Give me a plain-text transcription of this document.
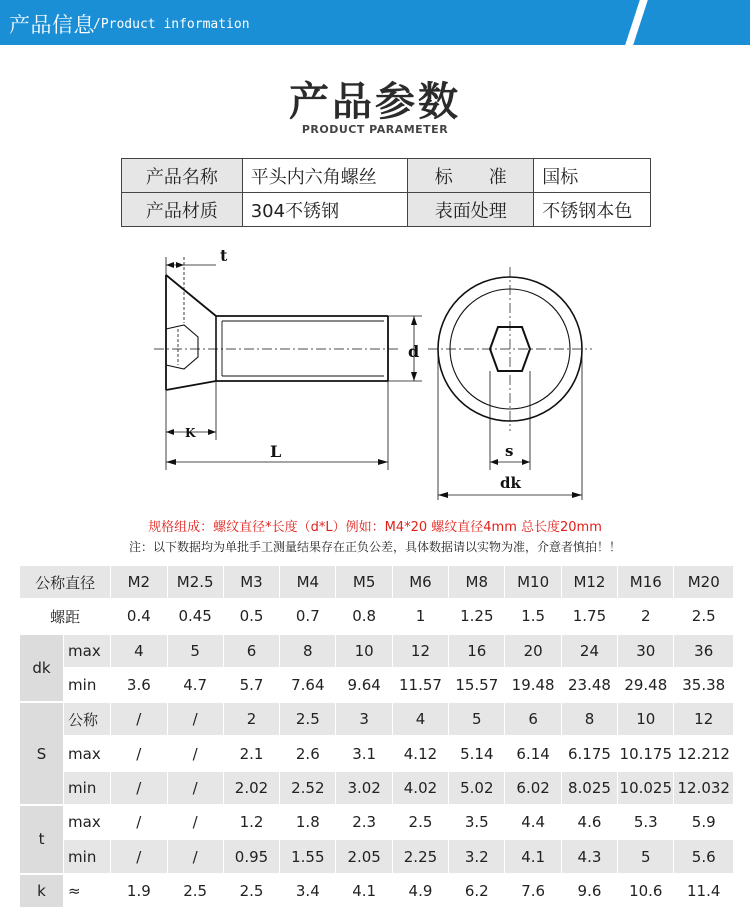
产品信息
/Product information
产品参数
PRODUCT PARAMETER
产品名称	平头内六角螺丝	标　　准	国标
产品材质	304不锈钢	表面处理	不锈钢本色
t
d
K
L	s
dk
规格组成：螺纹直径*长度（d*L）例如：M4*20 螺纹直径4mm 总长度20mm
注：以下数据均为单批手工测量结果存在正负公差，具体数据请以实物为准，介意者慎拍！！
公称直径		M2	M2.5	M3	M4	M5	M6	M8	M10	M12	M16	M20
螺距		0.4	0.45	0.5	0.7	0.8	1	1.25	1.5	1.75	2	2.5
dk	max	4	5	6	8	10	12	16	20	24	30	36
	min	3.6	4.7	5.7	7.64	9.64	11.57	15.57	19.48	23.48	29.48	35.38
S	公称	/	/	2	2.5	3	4	5	6	8	10	12
	max	/	/	2.1	2.6	3.1	4.12	5.14	6.14	6.175	10.175	12.212
	min	/	/	2.02	2.52	3.02	4.02	5.02	6.02	8.025	10.025	12.032
t	max	/	/	1.2	1.8	2.3	2.5	3.5	4.4	4.6	5.3	5.9
	min	/	/	0.95	1.55	2.05	2.25	3.2	4.1	4.3	5	5.6
k	≈	1.9	2.5	2.5	3.4	4.1	4.9	6.2	7.6	9.6	10.6	11.4
